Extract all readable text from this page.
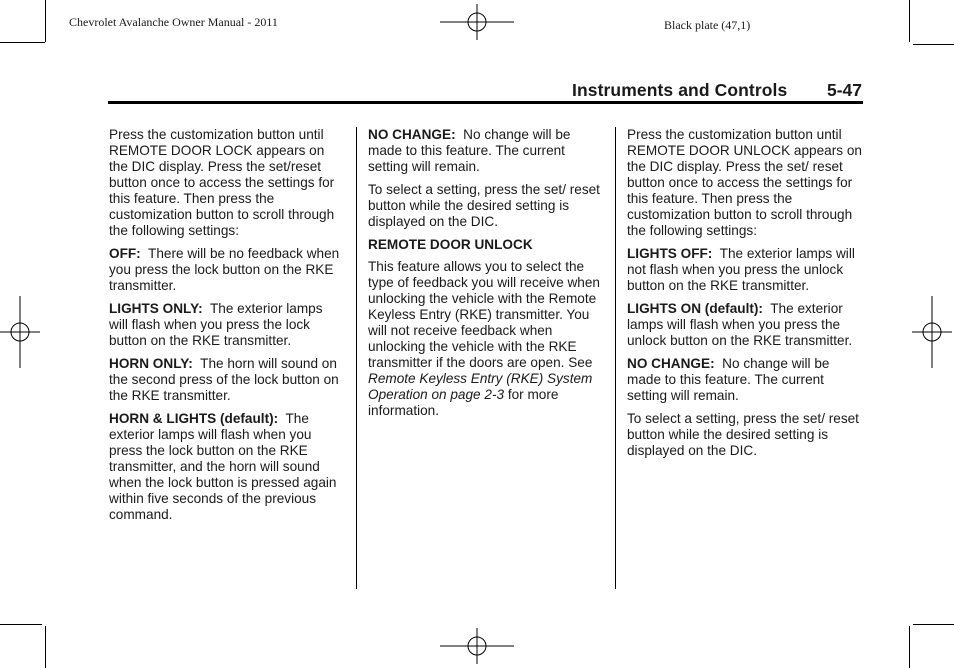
Chevrolet Avalanche Owner Manual - 2011	Black plate (47,1)
Instruments and Controls 5-47

Press the customization button until REMOTE DOOR LOCK appears on the DIC display. Press the set/reset button once to access the settings for this feature. Then press the customization button to scroll through the following settings:

OFF: There will be no feedback when you press the lock button on the RKE transmitter.

LIGHTS ONLY: The exterior lamps will flash when you press the lock button on the RKE transmitter.

HORN ONLY: The horn will sound on the second press of the lock button on the RKE transmitter.

HORN & LIGHTS (default): The exterior lamps will flash when you press the lock button on the RKE transmitter, and the horn will sound when the lock button is pressed again within five seconds of the previous command.

NO CHANGE: No change will be made to this feature. The current setting will remain.

To select a setting, press the set/ reset button while the desired setting is displayed on the DIC.

REMOTE DOOR UNLOCK

This feature allows you to select the type of feedback you will receive when unlocking the vehicle with the Remote Keyless Entry (RKE) transmitter. You will not receive feedback when unlocking the vehicle with the RKE transmitter if the doors are open. See Remote Keyless Entry (RKE) System Operation on page 2-3 for more information.

Press the customization button until REMOTE DOOR UNLOCK appears on the DIC display. Press the set/ reset button once to access the settings for this feature. Then press the customization button to scroll through the following settings:

LIGHTS OFF: The exterior lamps will not flash when you press the unlock button on the RKE transmitter.

LIGHTS ON (default): The exterior lamps will flash when you press the unlock button on the RKE transmitter.

NO CHANGE: No change will be made to this feature. The current setting will remain.

To select a setting, press the set/ reset button while the desired setting is displayed on the DIC.
